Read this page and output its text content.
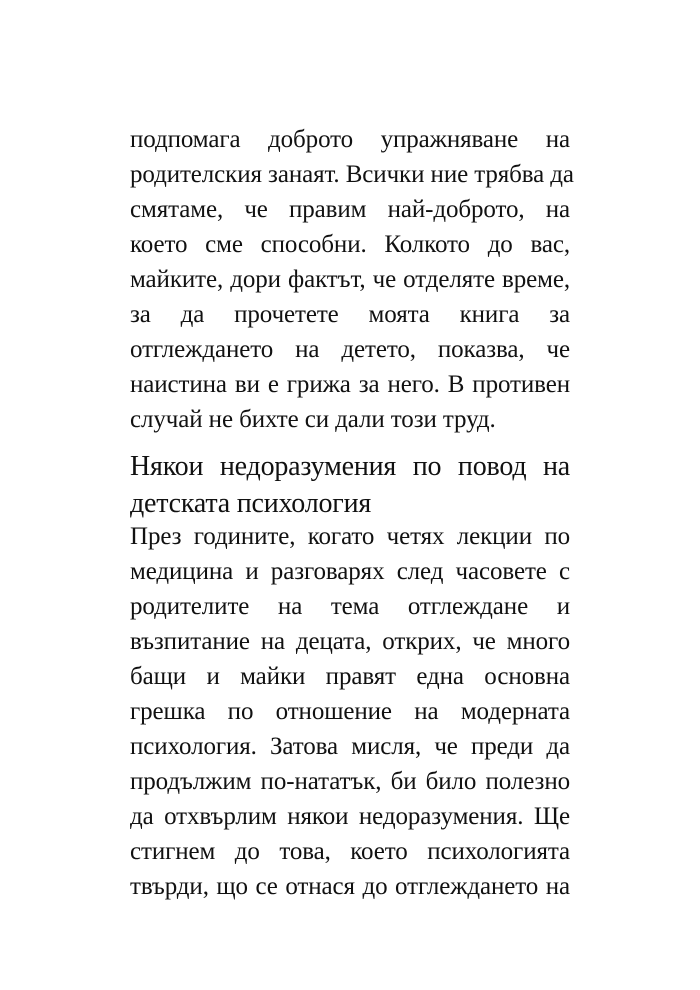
подпомага доброто упражняване на
родителския занаят. Всички ние трябва да
смятаме, че правим най-доброто, на
което сме способни. Колкото до вас,
майките, дори фактът, че отделяте време,
за да прочетете моята книга за
отглеждането на детето, показва, че
наистина ви е грижа за него. В противен
случай не бихте си дали този труд.
Някои недоразумения по повод на
детската психология
През годините, когато четях лекции по
медицина и разговарях след часовете с
родителите на тема отглеждане и
възпитание на децата, открих, че много
бащи и майки правят една основна
грешка по отношение на модерната
психология. Затова мисля, че преди да
продължим по-нататък, би било полезно
да отхвърлим някои недоразумения. Ще
стигнем до това, което психологията
твърди, що се отнася до отглеждането на
